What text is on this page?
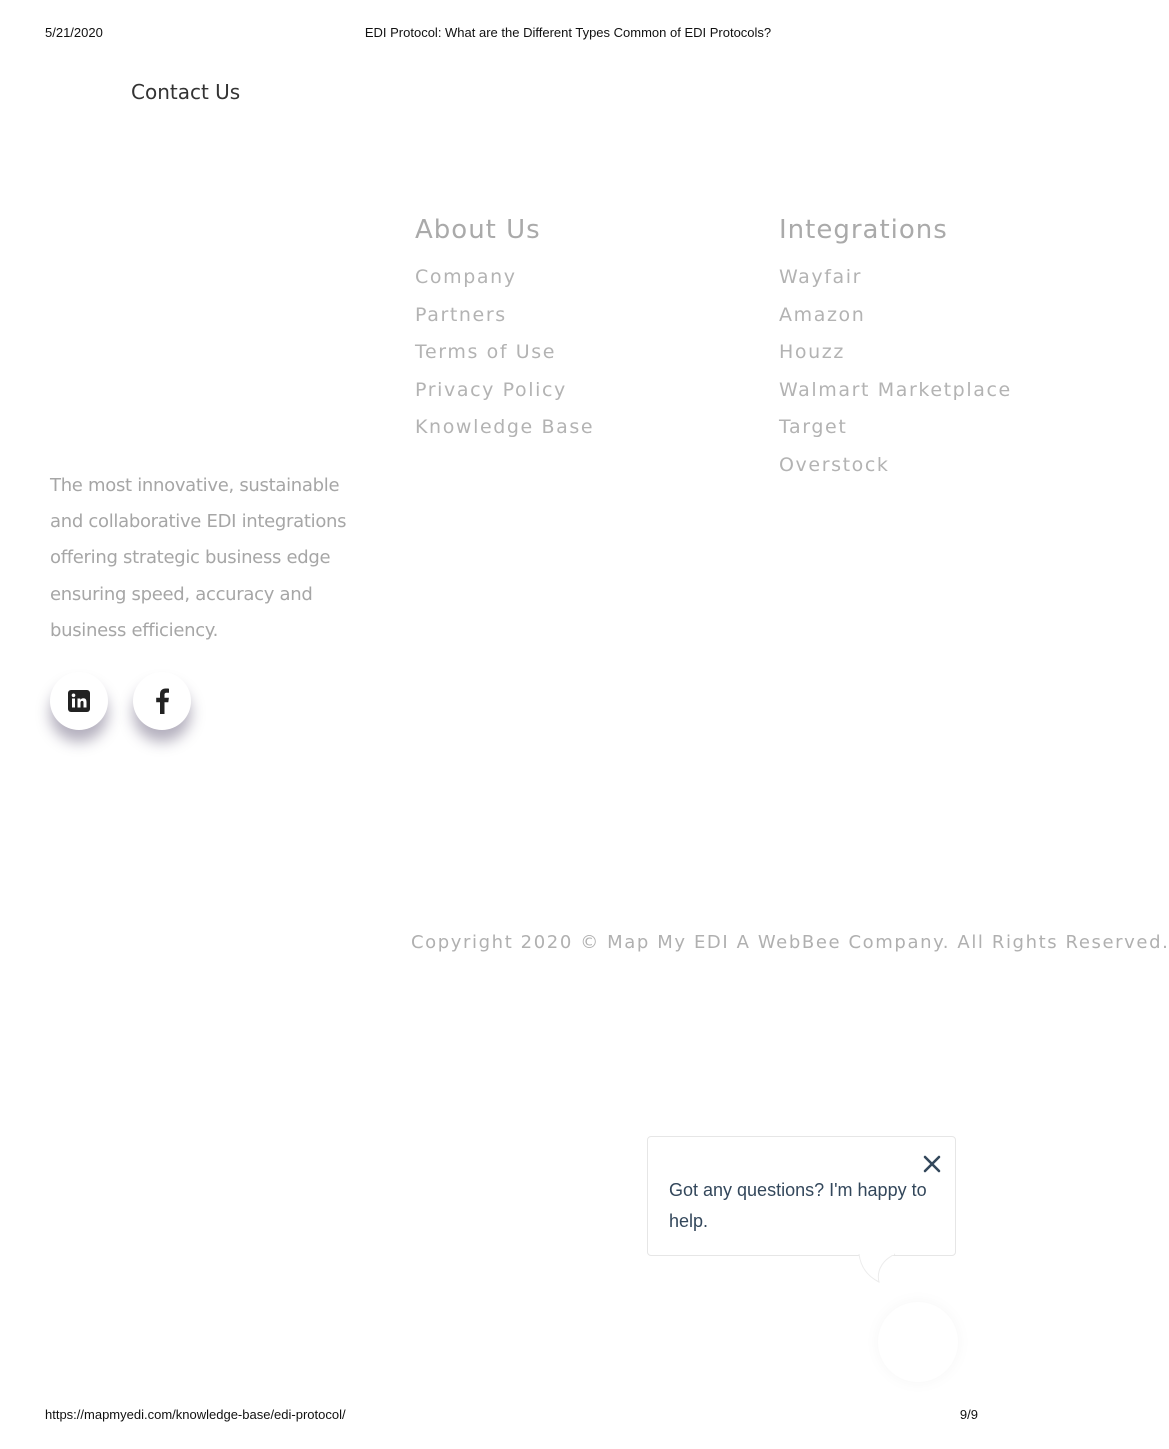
5/21/2020	EDI Protocol: What are the Different Types Common of EDI Protocols?
Contact Us
About Us
Company
Partners
Terms of Use
Privacy Policy
Knowledge Base
Integrations
Wayfair
Amazon
Houzz
Walmart Marketplace
Target
Overstock

The most innovative, sustainable and collaborative EDI integrations offering strategic business edge ensuring speed, accuracy and business efficiency.

Copyright 2020 © Map My EDI A WebBee Company. All Rights Reserved.
Got any questions? I'm happy to help.
https://mapmyedi.com/knowledge-base/edi-protocol/	9/9
